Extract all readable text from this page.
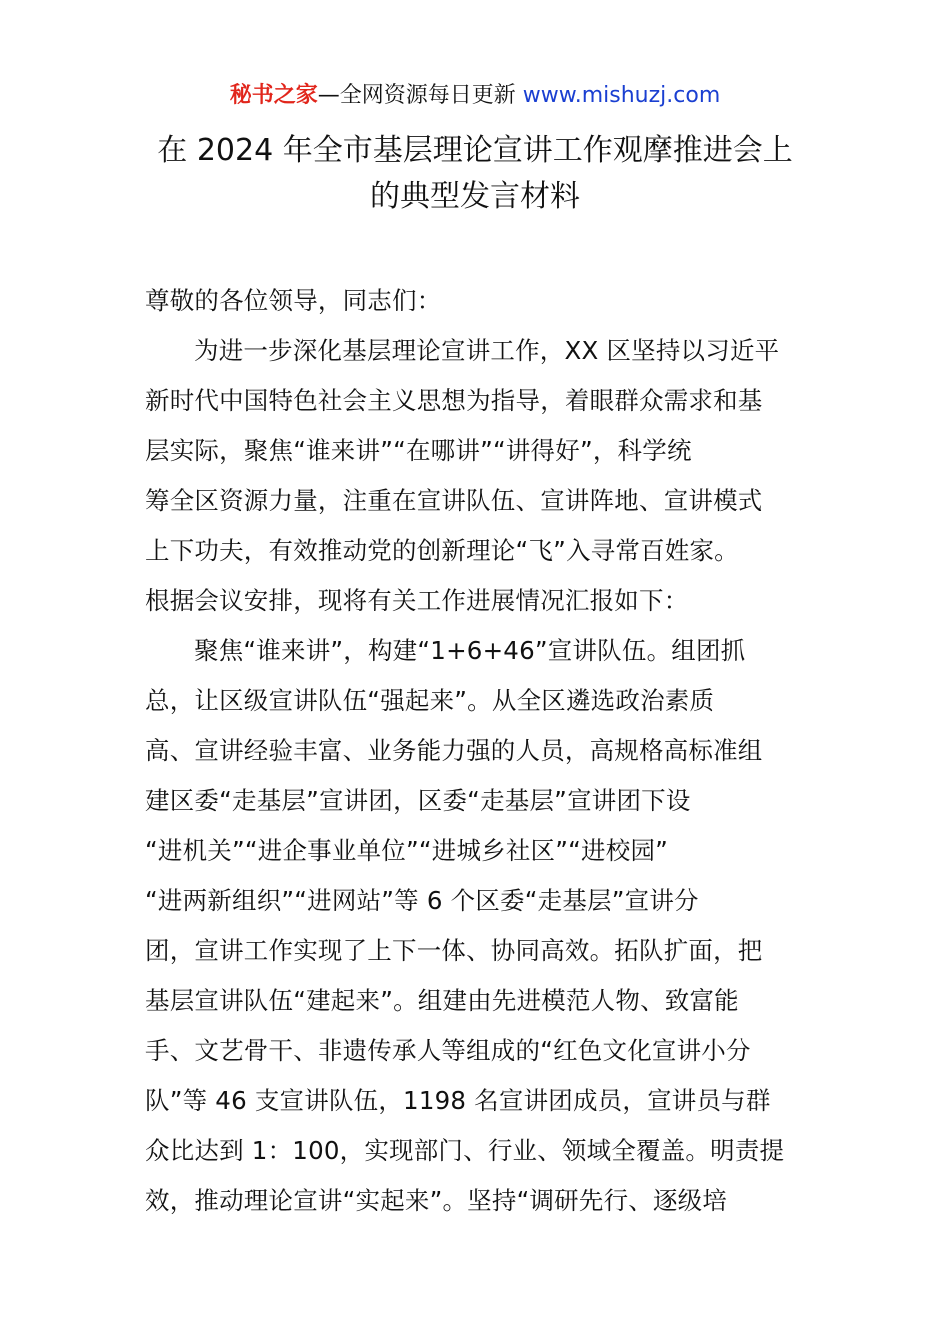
秘书之家—全网资源每日更新 www.mishuzj.com
在 2024 年全市基层理论宣讲工作观摩推进会上
的典型发言材料
尊敬的各位领导，同志们：
为进一步深化基层理论宣讲工作，XX 区坚持以习近平
新时代中国特色社会主义思想为指导，着眼群众需求和基
层实际，聚焦“谁来讲”“在哪讲”“讲得好”，科学统
筹全区资源力量，注重在宣讲队伍、宣讲阵地、宣讲模式
上下功夫，有效推动党的创新理论“飞”入寻常百姓家。
根据会议安排，现将有关工作进展情况汇报如下：
聚焦“谁来讲”，构建“1+6+46”宣讲队伍。组团抓
总，让区级宣讲队伍“强起来”。从全区遴选政治素质
高、宣讲经验丰富、业务能力强的人员，高规格高标准组
建区委“走基层”宣讲团，区委“走基层”宣讲团下设
“进机关”“进企事业单位”“进城乡社区”“进校园”
“进两新组织”“进网站”等 6 个区委“走基层”宣讲分
团，宣讲工作实现了上下一体、协同高效。拓队扩面，把
基层宣讲队伍“建起来”。组建由先进模范人物、致富能
手、文艺骨干、非遗传承人等组成的“红色文化宣讲小分
队”等 46 支宣讲队伍，1198 名宣讲团成员，宣讲员与群
众比达到 1：100，实现部门、行业、领域全覆盖。明责提
效，推动理论宣讲“实起来”。坚持“调研先行、逐级培
